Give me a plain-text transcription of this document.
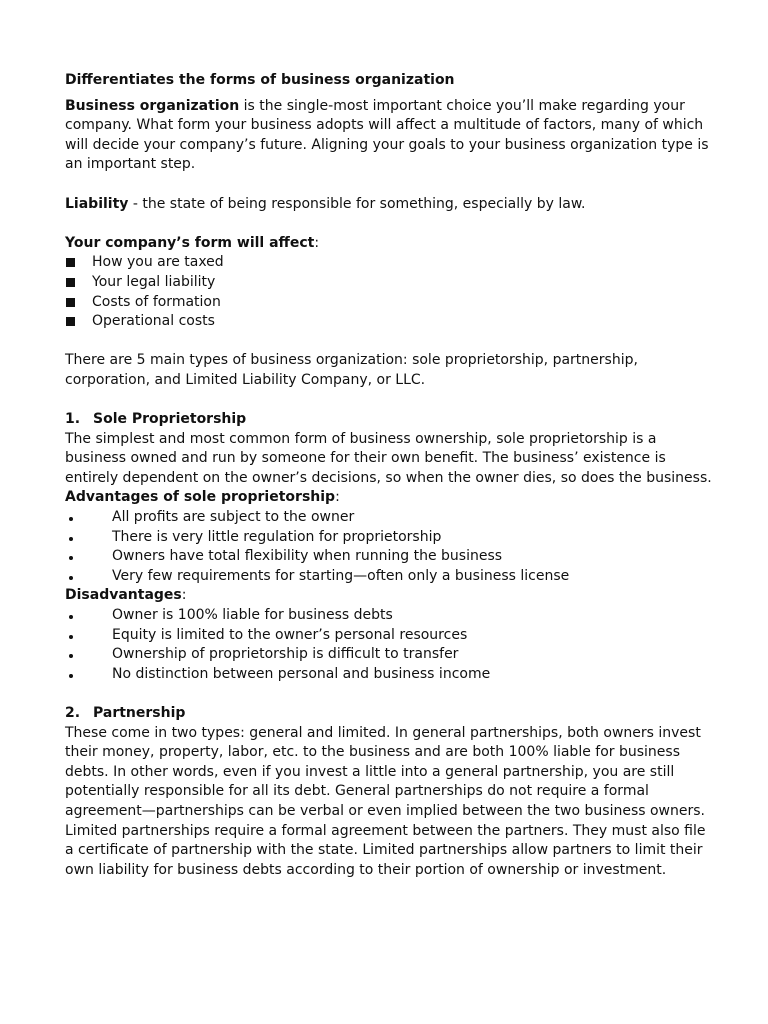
Differentiates the forms of business organization

Business organization is the single-most important choice you’ll make regarding your company. What form your business adopts will affect a multitude of factors, many of which will decide your company’s future. Aligning your goals to your business organization type is an important step.

Liability - the state of being responsible for something, especially by law.

Your company’s form will affect:

How you are taxed
Your legal liability
Costs of formation
Operational costs

There are 5 main types of business organization: sole proprietorship, partnership, corporation, and Limited Liability Company, or LLC.

1. Sole Proprietorship

The simplest and most common form of business ownership, sole proprietorship is a business owned and run by someone for their own benefit. The business’ existence is entirely dependent on the owner’s decisions, so when the owner dies, so does the business.

Advantages of sole proprietorship:

All profits are subject to the owner
There is very little regulation for proprietorship
Owners have total flexibility when running the business
Very few requirements for starting—often only a business license

Disadvantages:

Owner is 100% liable for business debts
Equity is limited to the owner’s personal resources
Ownership of proprietorship is difficult to transfer
No distinction between personal and business income

2. Partnership

These come in two types: general and limited. In general partnerships, both owners invest their money, property, labor, etc. to the business and are both 100% liable for business debts. In other words, even if you invest a little into a general partnership, you are still potentially responsible for all its debt. General partnerships do not require a formal agreement—partnerships can be verbal or even implied between the two business owners.

Limited partnerships require a formal agreement between the partners. They must also file a certificate of partnership with the state. Limited partnerships allow partners to limit their own liability for business debts according to their portion of ownership or investment.
